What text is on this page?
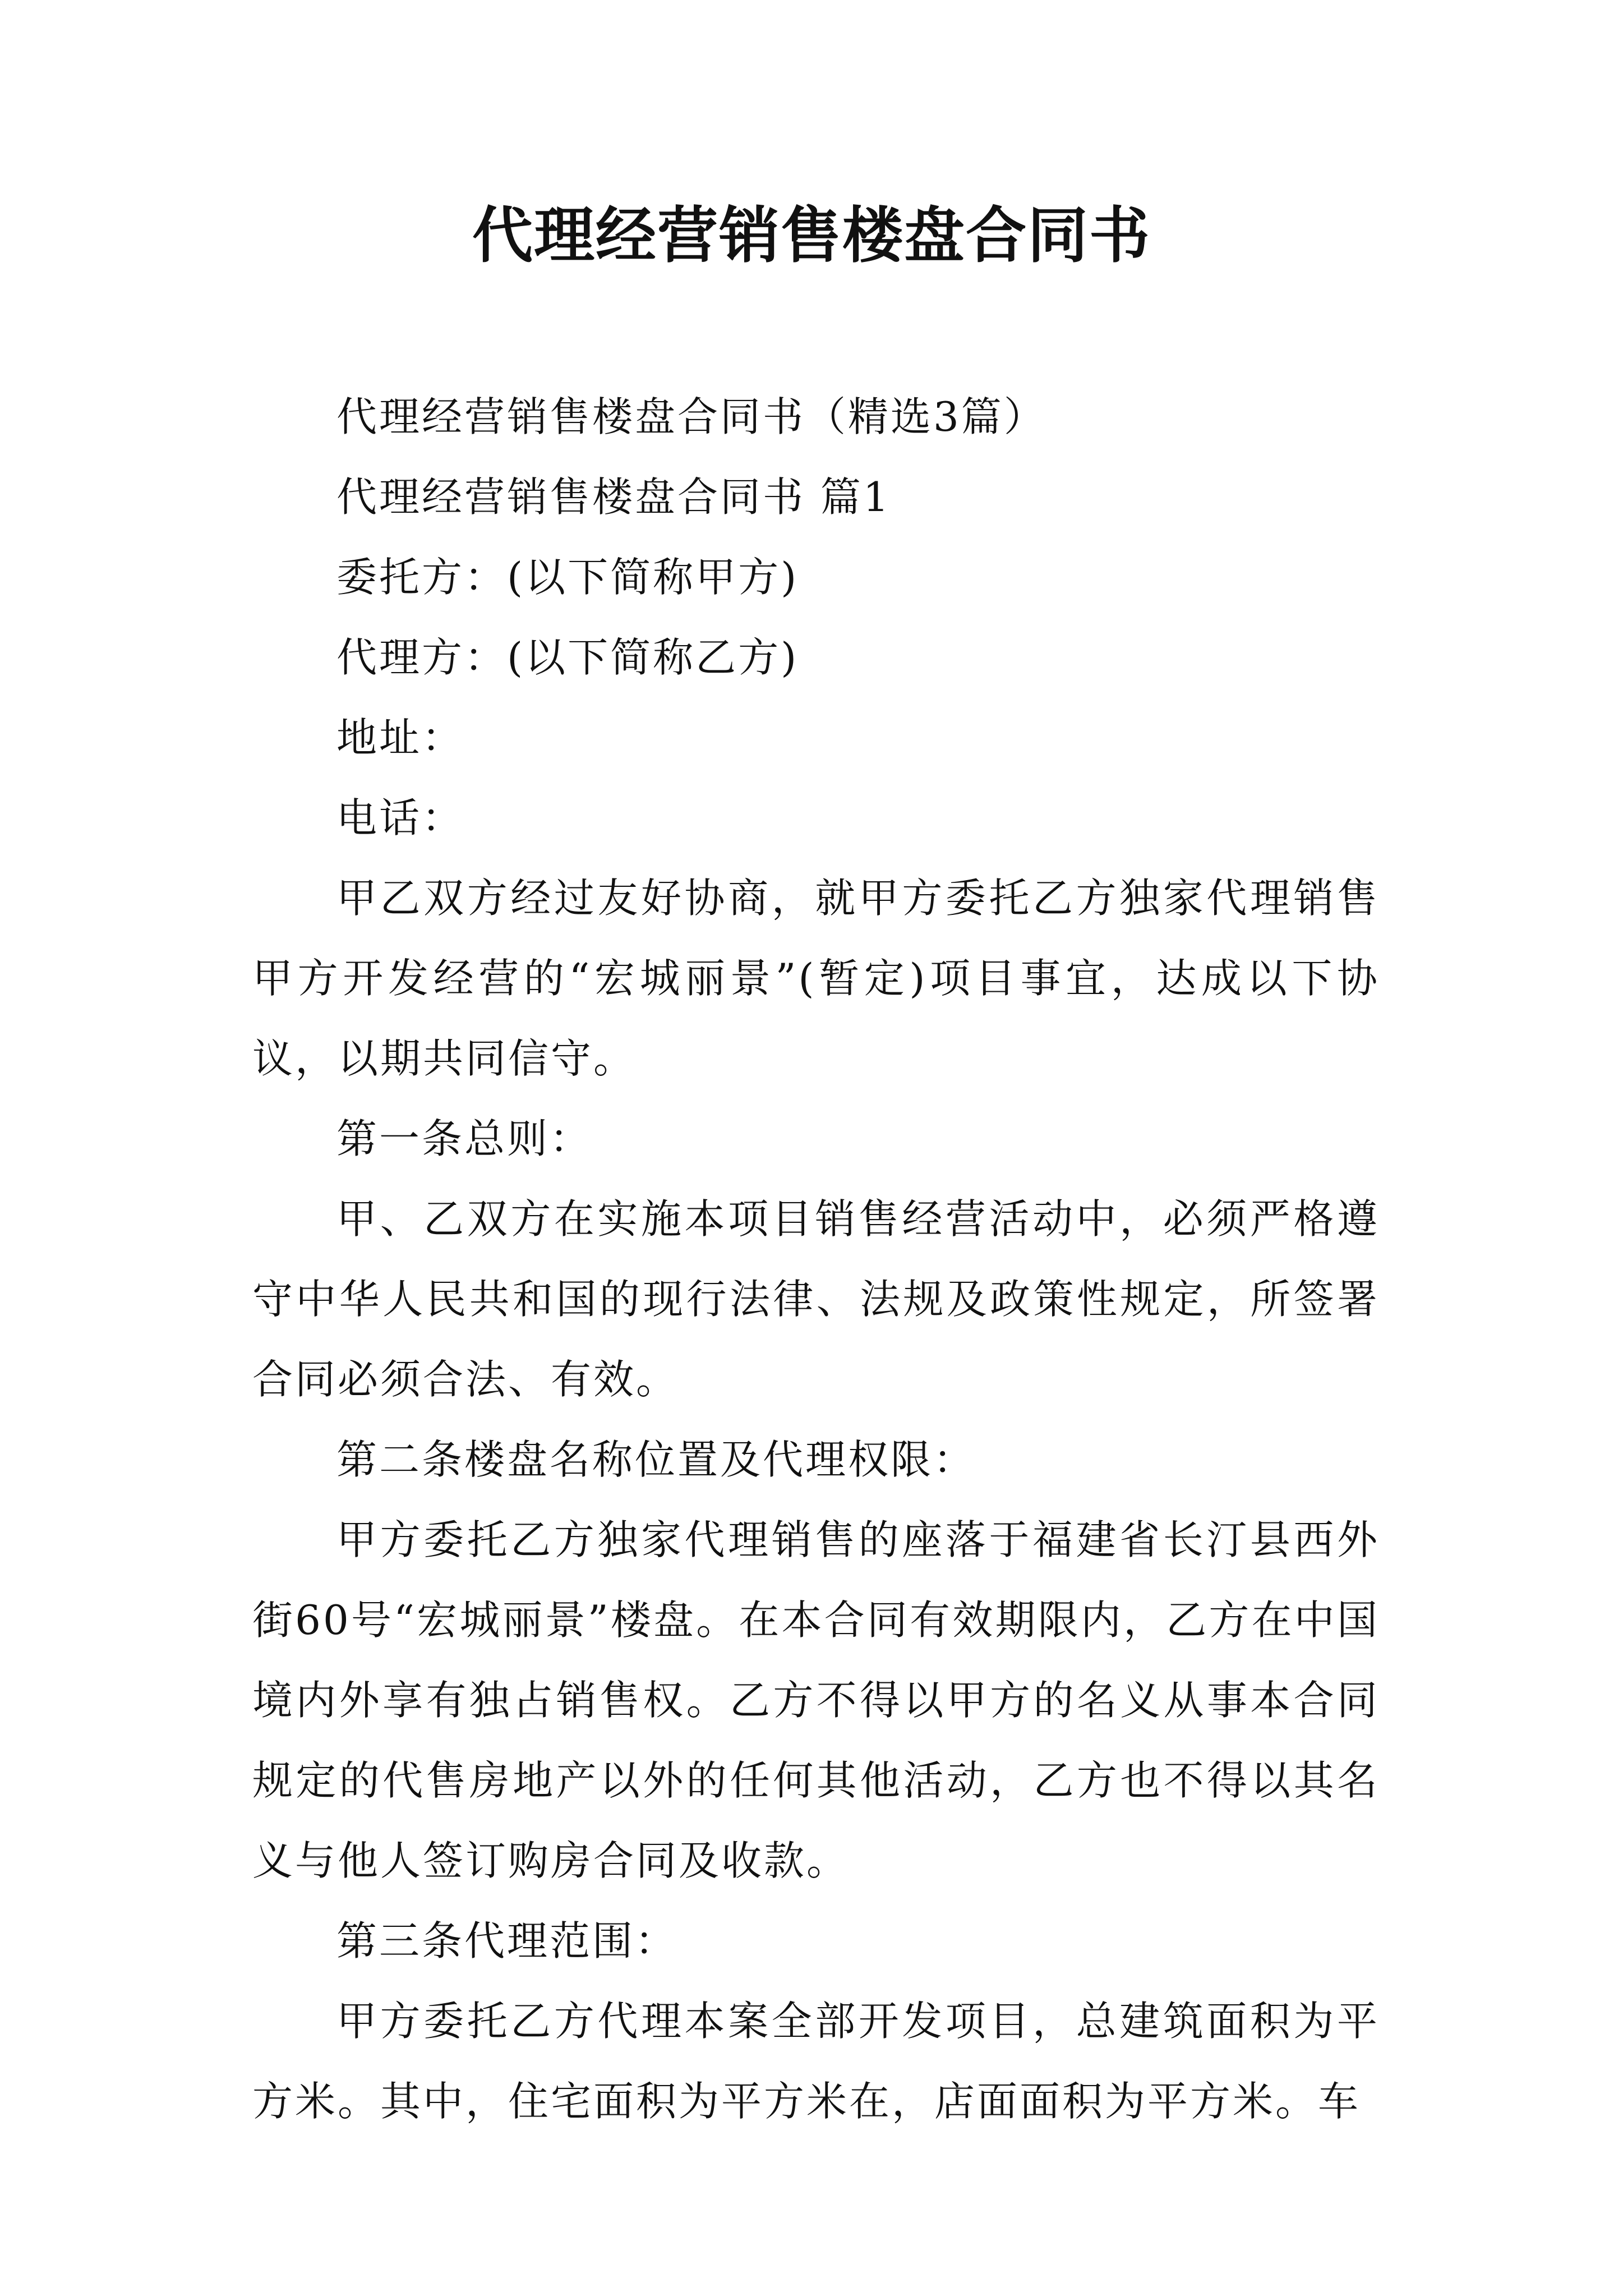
代理经营销售楼盘合同书

代理经营销售楼盘合同书（精选3篇）

代理经营销售楼盘合同书 篇1

委托方：(以下简称甲方)

代理方：(以下简称乙方)

地址：

电话：

甲乙双方经过友好协商，就甲方委托乙方独家代理销售甲方开发经营的“宏城丽景”(暂定)项目事宜，达成以下协议，以期共同信守。

第一条总则：

甲、乙双方在实施本项目销售经营活动中，必须严格遵守中华人民共和国的现行法律、法规及政策性规定，所签署合同必须合法、有效。

第二条楼盘名称位置及代理权限：

甲方委托乙方独家代理销售的座落于福建省长汀县西外街60号“宏城丽景”楼盘。在本合同有效期限内，乙方在中国境内外享有独占销售权。乙方不得以甲方的名义从事本合同规定的代售房地产以外的任何其他活动，乙方也不得以其名义与他人签订购房合同及收款。

第三条代理范围：

甲方委托乙方代理本案全部开发项目，总建筑面积为平方米。其中，住宅面积为平方米在，店面面积为平方米。车
